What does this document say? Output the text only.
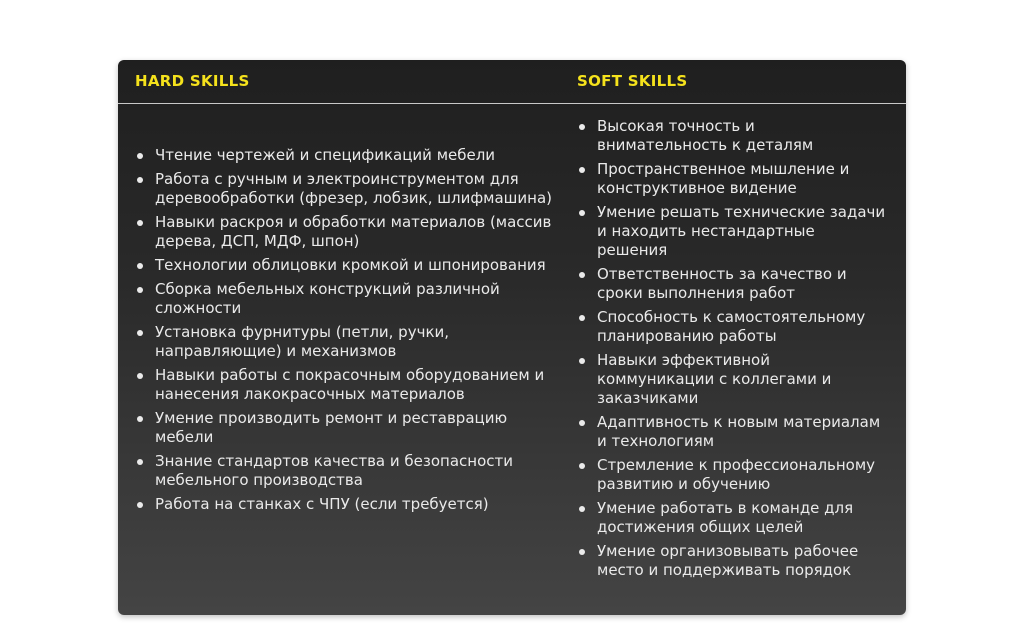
HARD SKILLS	SOFT SKILLS
Чтение чертежей и спецификаций мебели
Работа с ручным и электроинструментом для деревообработки (фрезер, лобзик, шлифмашина)
Навыки раскроя и обработки материалов (массив дерева, ДСП, МДФ, шпон)
Технологии облицовки кромкой и шпонирования
Сборка мебельных конструкций различной сложности
Установка фурнитуры (петли, ручки, направляющие) и механизмов
Навыки работы с покрасочным оборудованием и нанесения лакокрасочных материалов
Умение производить ремонт и реставрацию мебели
Знание стандартов качества и безопасности мебельного производства
Работа на станках с ЧПУ (если требуется)
Высокая точность и внимательность к деталям
Пространственное мышление и конструктивное видение
Умение решать технические задачи и находить нестандартные решения
Ответственность за качество и сроки выполнения работ
Способность к самостоятельному планированию работы
Навыки эффективной коммуникации с коллегами и заказчиками
Адаптивность к новым материалам и технологиям
Стремление к профессиональному развитию и обучению
Умение работать в команде для достижения общих целей
Умение организовывать рабочее место и поддерживать порядок
